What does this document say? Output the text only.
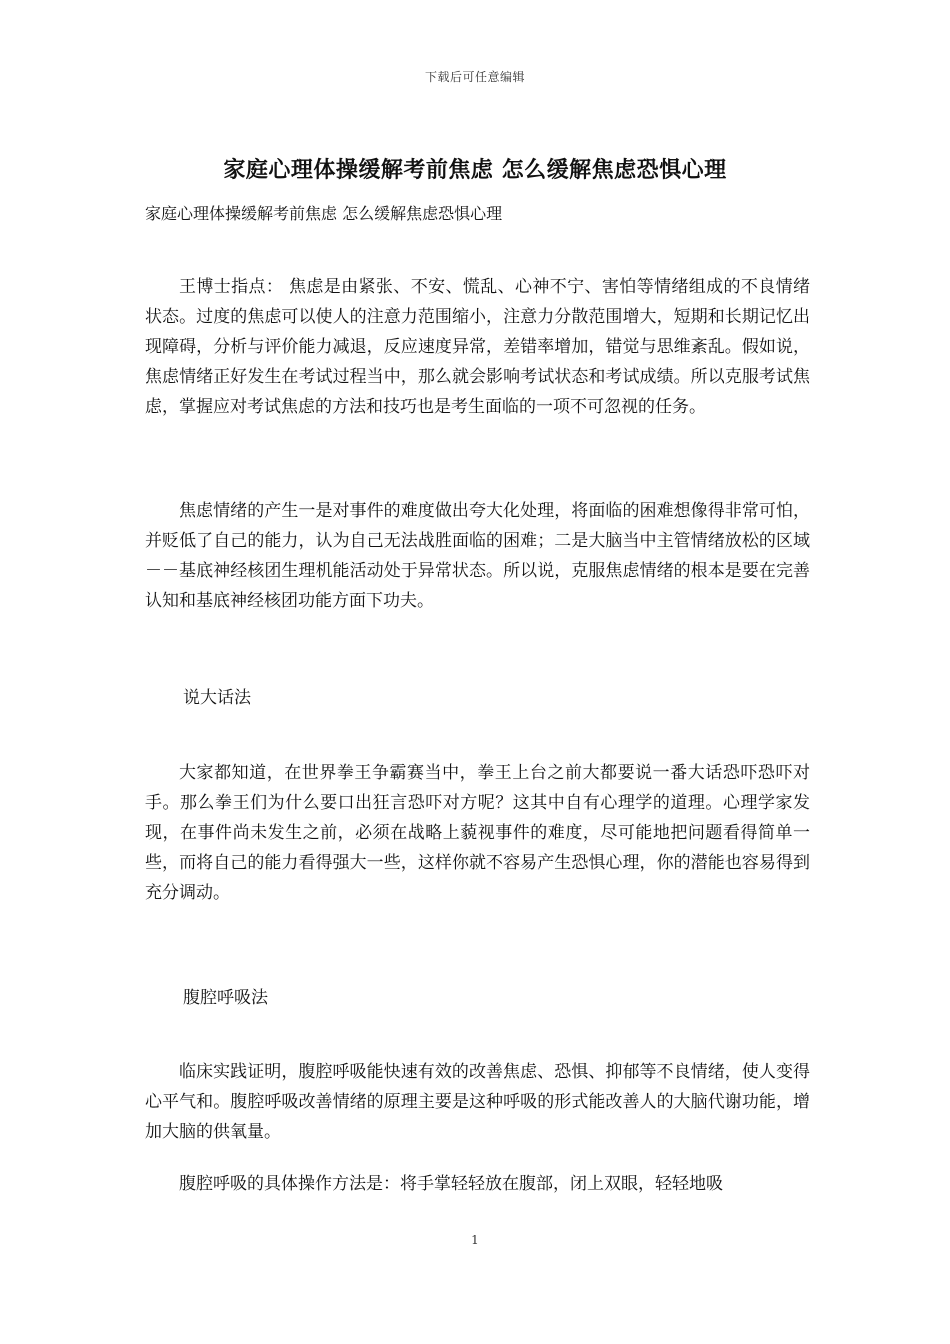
下载后可任意编辑
家庭心理体操缓解考前焦虑 怎么缓解焦虑恐惧心理
家庭心理体操缓解考前焦虑 怎么缓解焦虑恐惧心理

王博士指点： 焦虑是由紧张、不安、慌乱、心神不宁、害怕等情绪组成的不良情绪状态。过度的焦虑可以使人的注意力范围缩小，注意力分散范围增大，短期和长期记忆出现障碍，分析与评价能力减退，反应速度异常，差错率增加，错觉与思维紊乱。假如说，焦虑情绪正好发生在考试过程当中，那么就会影响考试状态和考试成绩。所以克服考试焦虑，掌握应对考试焦虑的方法和技巧也是考生面临的一项不可忽视的任务。

焦虑情绪的产生一是对事件的难度做出夸大化处理，将面临的困难想像得非常可怕，并贬低了自己的能力，认为自己无法战胜面临的困难；二是大脑当中主管情绪放松的区域－－基底神经核团生理机能活动处于异常状态。所以说，克服焦虑情绪的根本是要在完善认知和基底神经核团功能方面下功夫。

说大话法

大家都知道，在世界拳王争霸赛当中，拳王上台之前大都要说一番大话恐吓恐吓对手。那么拳王们为什么要口出狂言恐吓对方呢？这其中自有心理学的道理。心理学家发现，在事件尚未发生之前，必须在战略上藐视事件的难度，尽可能地把问题看得简单一些，而将自己的能力看得强大一些，这样你就不容易产生恐惧心理，你的潜能也容易得到充分调动。

腹腔呼吸法

临床实践证明，腹腔呼吸能快速有效的改善焦虑、恐惧、抑郁等不良情绪，使人变得心平气和。腹腔呼吸改善情绪的原理主要是这种呼吸的形式能改善人的大脑代谢功能，增加大脑的供氧量。

腹腔呼吸的具体操作方法是：将手掌轻轻放在腹部，闭上双眼，轻轻地吸

1
